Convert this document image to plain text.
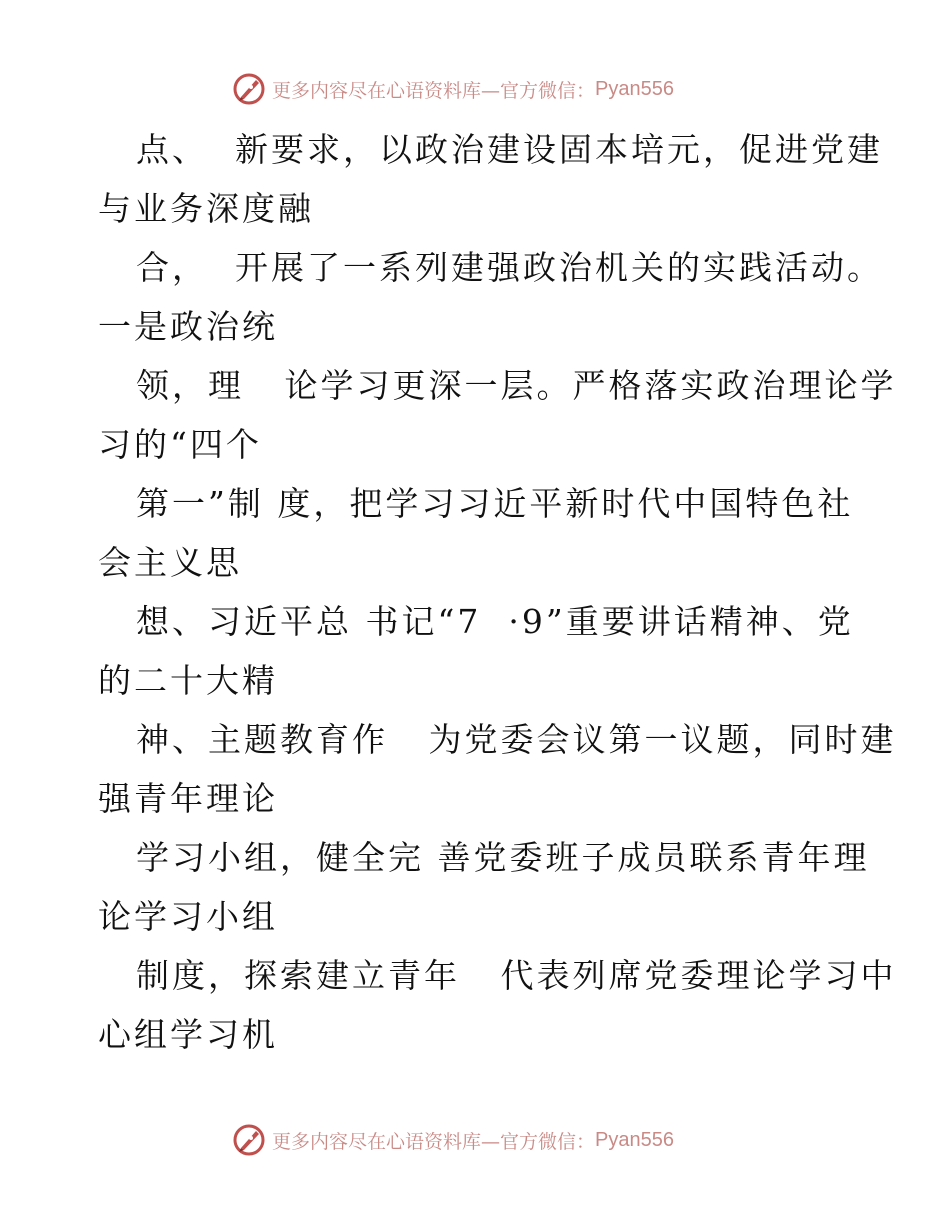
更多内容尽在心语资料库—官方微信： Pyan556
点、  新要求，以政治建设固本培元，促进党建
与业务深度融
合，  开展了一系列建强政治机关的实践活动。
一是政治统
领，理   论学习更深一层。严格落实政治理论学
习的“四个
第一”制 度，把学习习近平新时代中国特色社
会主义思
想、习近平总 书记“7  ·9”重要讲话精神、党
的二十大精
神、主题教育作   为党委会议第一议题，同时建
强青年理论
学习小组，健全完 善党委班子成员联系青年理
论学习小组
制度，探索建立青年   代表列席党委理论学习中
心组学习机
更多内容尽在心语资料库—官方微信： Pyan556
